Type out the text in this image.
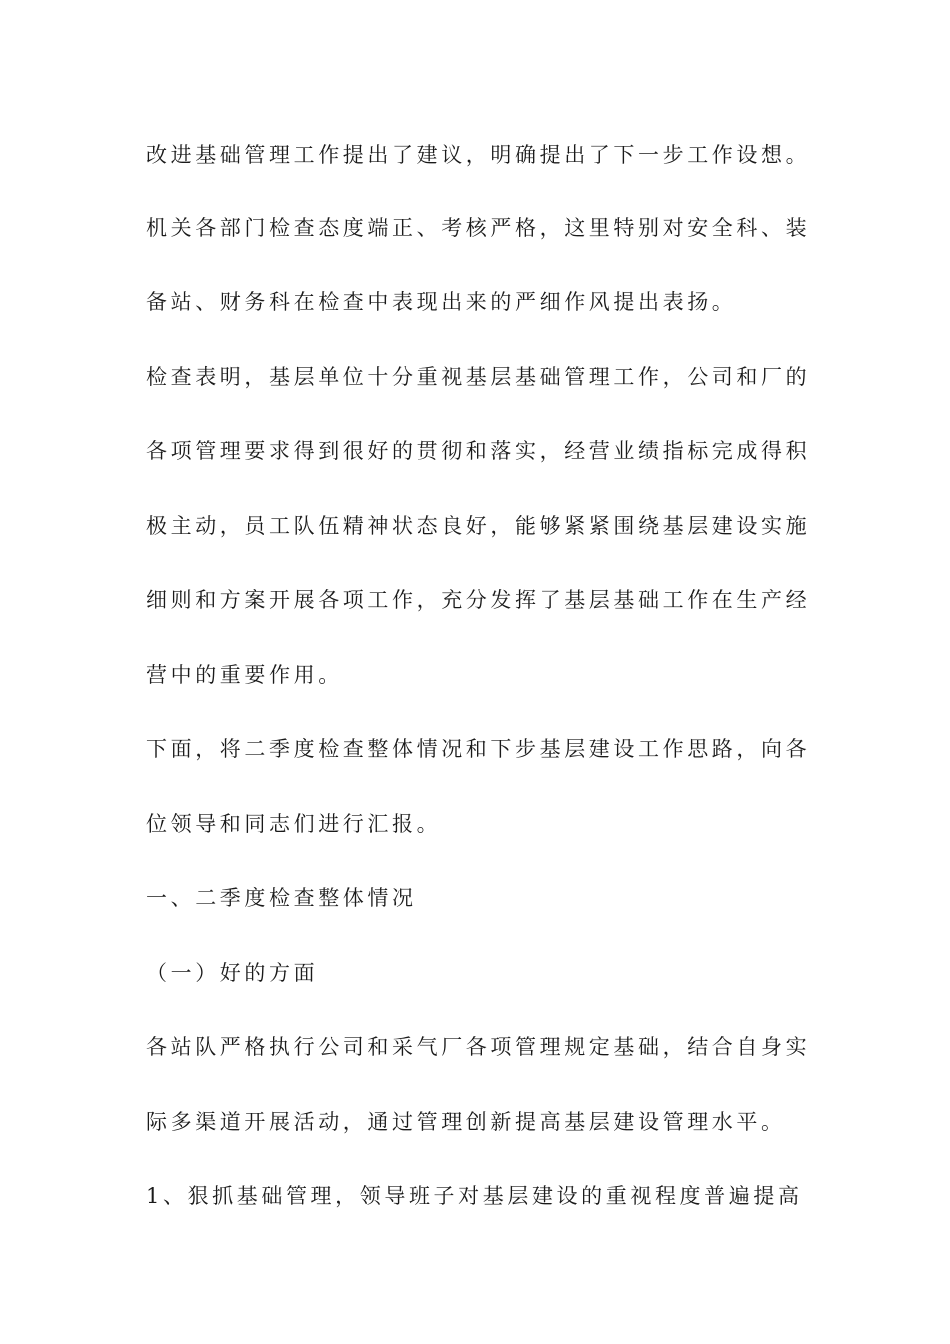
改进基础管理工作提出了建议，明确提出了下一步工作设想。
机关各部门检查态度端正、考核严格，这里特别对安全科、装
备站、财务科在检查中表现出来的严细作风提出表扬。
检查表明，基层单位十分重视基层基础管理工作，公司和厂的
各项管理要求得到很好的贯彻和落实，经营业绩指标完成得积
极主动，员工队伍精神状态良好，能够紧紧围绕基层建设实施
细则和方案开展各项工作，充分发挥了基层基础工作在生产经
营中的重要作用。
下面，将二季度检查整体情况和下步基层建设工作思路，向各
位领导和同志们进行汇报。
一、二季度检查整体情况
（一）好的方面
各站队严格执行公司和采气厂各项管理规定基础，结合自身实
际多渠道开展活动，通过管理创新提高基层建设管理水平。
1、狠抓基础管理，领导班子对基层建设的重视程度普遍提高
